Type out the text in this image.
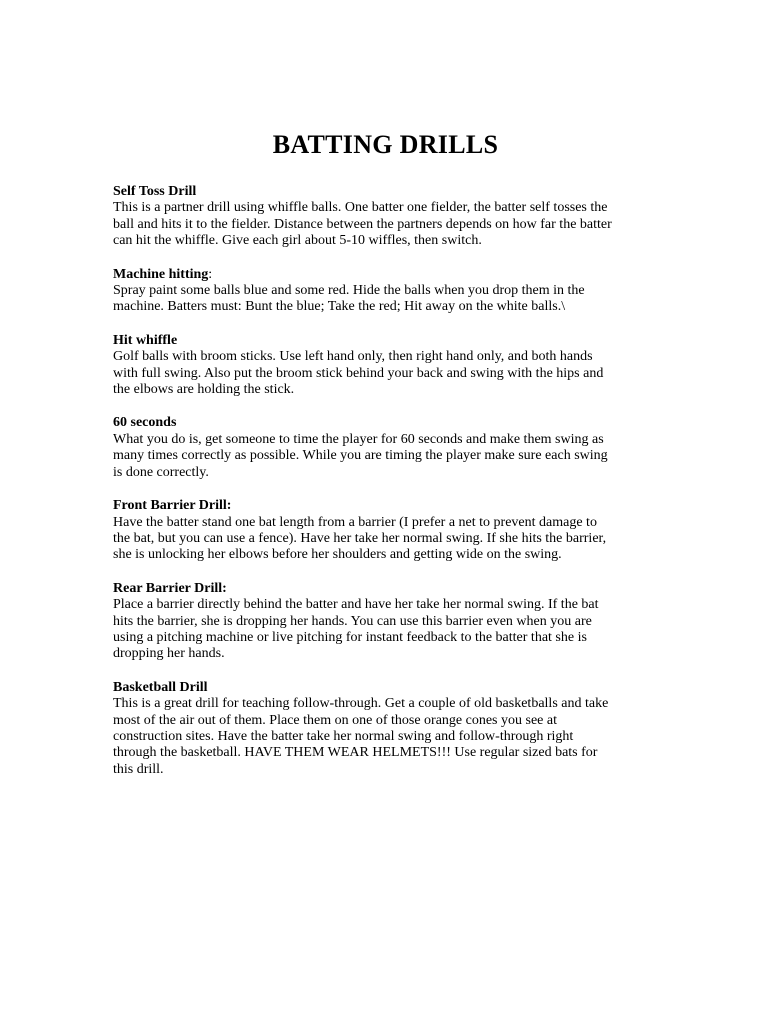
BATTING DRILLS
Self Toss Drill
This is a partner drill using whiffle balls. One batter one fielder, the batter self tosses the
ball and hits it to the fielder. Distance between the partners depends on how far the batter
can hit the whiffle. Give each girl about 5-10 wiffles, then switch.
Machine hitting:
Spray paint some balls blue and some red. Hide the balls when you drop them in the
machine. Batters must: Bunt the blue; Take the red; Hit away on the white balls.\
Hit whiffle
Golf balls with broom sticks. Use left hand only, then right hand only, and both hands
with full swing. Also put the broom stick behind your back and swing with the hips and
the elbows are holding the stick.
60 seconds
What you do is, get someone to time the player for 60 seconds and make them swing as
many times correctly as possible. While you are timing the player make sure each swing
is done correctly.
Front Barrier Drill:
Have the batter stand one bat length from a barrier (I prefer a net to prevent damage to
the bat, but you can use a fence). Have her take her normal swing. If she hits the barrier,
she is unlocking her elbows before her shoulders and getting wide on the swing.
Rear Barrier Drill:
Place a barrier directly behind the batter and have her take her normal swing. If the bat
hits the barrier, she is dropping her hands. You can use this barrier even when you are
using a pitching machine or live pitching for instant feedback to the batter that she is
dropping her hands.
Basketball Drill
This is a great drill for teaching follow-through. Get a couple of old basketballs and take
most of the air out of them. Place them on one of those orange cones you see at
construction sites. Have the batter take her normal swing and follow-through right
through the basketball. HAVE THEM WEAR HELMETS!!! Use regular sized bats for
this drill.
